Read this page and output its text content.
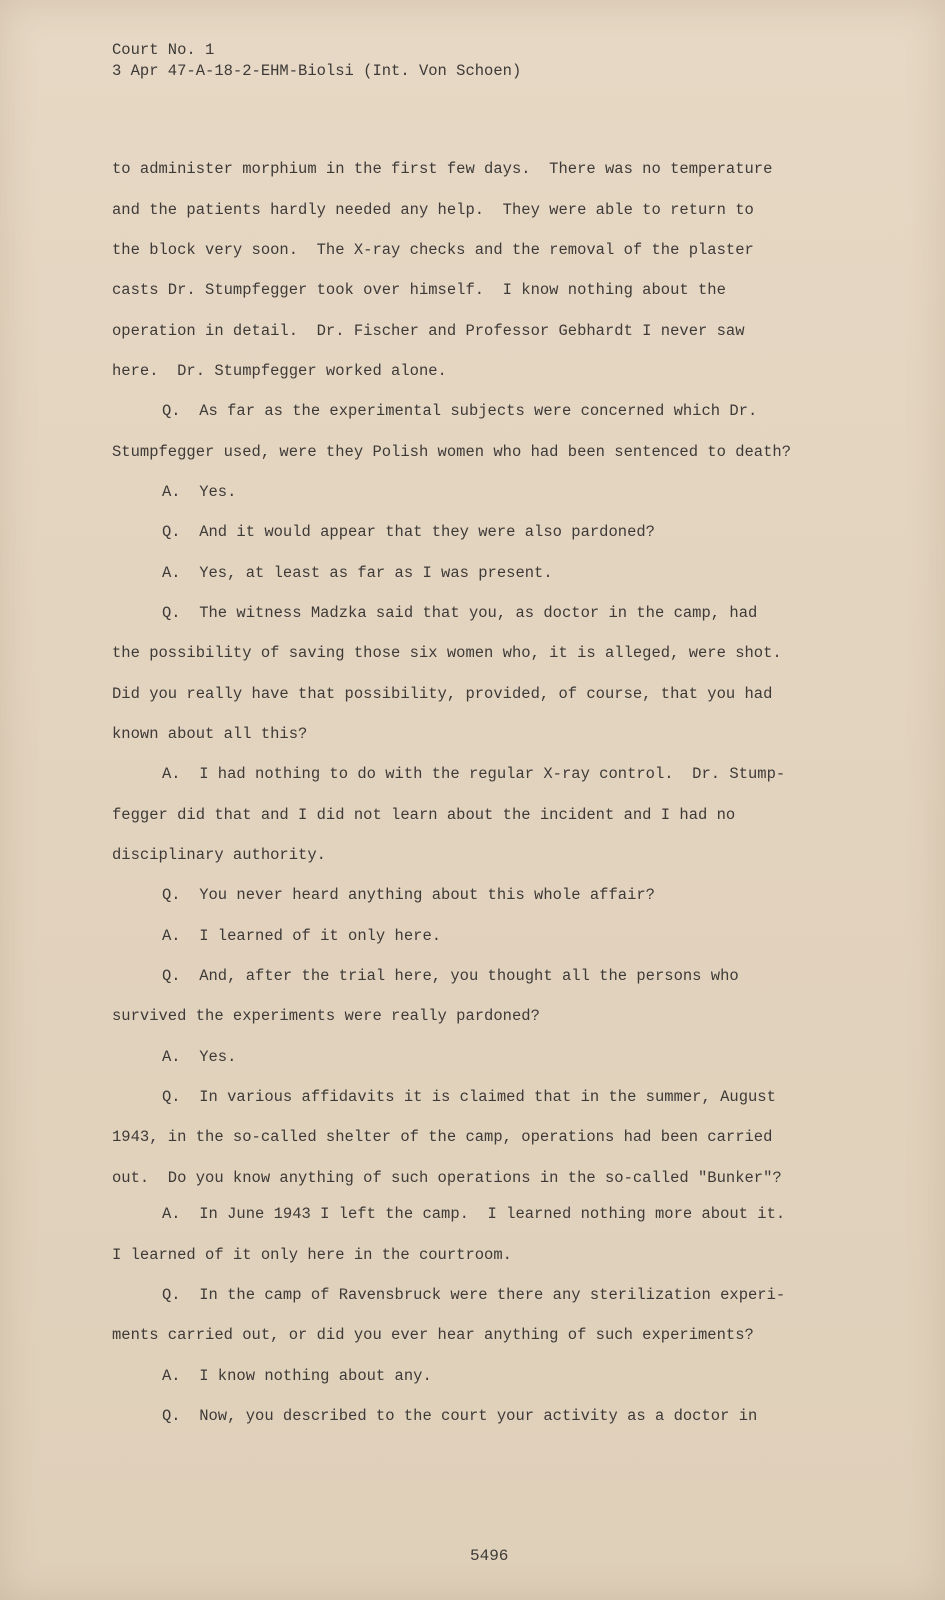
Court No. 1
3 Apr 47-A-18-2-EHM-Biolsi (Int. Von Schoen)
to administer morphium in the first few days.  There was no temperature
and the patients hardly needed any help.  They were able to return to
the block very soon.  The X-ray checks and the removal of the plaster
casts Dr. Stumpfegger took over himself.  I know nothing about the
operation in detail.  Dr. Fischer and Professor Gebhardt I never saw
here.  Dr. Stumpfegger worked alone.
Q.  As far as the experimental subjects were concerned which Dr.
Stumpfegger used, were they Polish women who had been sentenced to death?
A.  Yes.
Q.  And it would appear that they were also pardoned?
A.  Yes, at least as far as I was present.
Q.  The witness Madzka said that you, as doctor in the camp, had
the possibility of saving those six women who, it is alleged, were shot.
Did you really have that possibility, provided, of course, that you had
known about all this?
A.  I had nothing to do with the regular X-ray control.  Dr. Stump-
fegger did that and I did not learn about the incident and I had no
disciplinary authority.
Q.  You never heard anything about this whole affair?
A.  I learned of it only here.
Q.  And, after the trial here, you thought all the persons who
survived the experiments were really pardoned?
A.  Yes.
Q.  In various affidavits it is claimed that in the summer, August
1943, in the so-called shelter of the camp, operations had been carried
out.  Do you know anything of such operations in the so-called "Bunker"?
A.  In June 1943 I left the camp.  I learned nothing more about it.
I learned of it only here in the courtroom.
Q.  In the camp of Ravensbruck were there any sterilization experi-
ments carried out, or did you ever hear anything of such experiments?
A.  I know nothing about any.
Q.  Now, you described to the court your activity as a doctor in
5496
